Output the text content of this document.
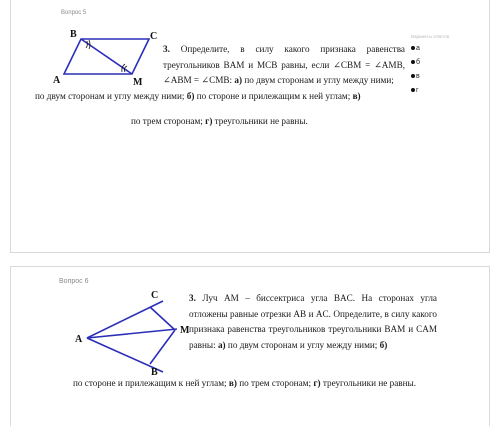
Вопрос 5
B	C
A	M
3. Определите, в силу какого признака равенства треугольников BAM и MCB равны, если ∠CBM = ∠AMB, ∠ABM = ∠CMB: а) по двум сторонам и углу между ними;
по двум сторонам и углу между ними; б) по стороне и прилежащим к ней углам; в)
по трем сторонам; г) треугольники не равны.
Варианты ответов
а
б
в
г
Вопрос 6
C
A
M
B
3. Луч AM – биссектриса угла BAC. На сторонах угла отложены равные отрезки AB и AC. Определите, в силу какого признака равенства треугольников треугольники BAM и CAM равны: а) по двум сторонам и углу между ними; б)
по стороне и прилежащим к ней углам; в) по трем сторонам; г) треугольники не равны.
